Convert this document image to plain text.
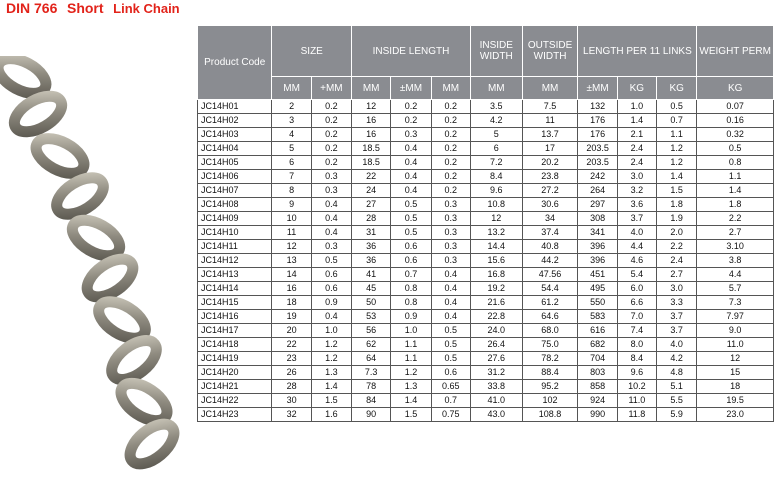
DIN 766 Short Link Chain
Product Code	SIZE		INSIDE LENGTH			INSIDE WIDTH	OUTSIDE WIDTH	LENGTH PER 11 LINKS			WEIGHT PERM
	MM	+MM	MM	±MM	MM	MM	MM	±MM	KG	KG	KG
JC14H01	2	0.2	12	0.2	0.2	3.5	7.5	132	1.0	0.5	0.07
JC14H02	3	0.2	16	0.2	0.2	4.2	11	176	1.4	0.7	0.16
JC14H03	4	0.2	16	0.3	0.2	5	13.7	176	2.1	1.1	0.32
JC14H04	5	0.2	18.5	0.4	0.2	6	17	203.5	2.4	1.2	0.5
JC14H05	6	0.2	18.5	0.4	0.2	7.2	20.2	203.5	2.4	1.2	0.8
JC14H06	7	0.3	22	0.4	0.2	8.4	23.8	242	3.0	1.4	1.1
JC14H07	8	0.3	24	0.4	0.2	9.6	27.2	264	3.2	1.5	1.4
JC14H08	9	0.4	27	0.5	0.3	10.8	30.6	297	3.6	1.8	1.8
JC14H09	10	0.4	28	0.5	0.3	12	34	308	3.7	1.9	2.2
JC14H10	11	0.4	31	0.5	0.3	13.2	37.4	341	4.0	2.0	2.7
JC14H11	12	0.3	36	0.6	0.3	14.4	40.8	396	4.4	2.2	3.10
JC14H12	13	0.5	36	0.6	0.3	15.6	44.2	396	4.6	2.4	3.8
JC14H13	14	0.6	41	0.7	0.4	16.8	47.56	451	5.4	2.7	4.4
JC14H14	16	0.6	45	0.8	0.4	19.2	54.4	495	6.0	3.0	5.7
JC14H15	18	0.9	50	0.8	0.4	21.6	61.2	550	6.6	3.3	7.3
JC14H16	19	0.4	53	0.9	0.4	22.8	64.6	583	7.0	3.7	7.97
JC14H17	20	1.0	56	1.0	0.5	24.0	68.0	616	7.4	3.7	9.0
JC14H18	22	1.2	62	1.1	0.5	26.4	75.0	682	8.0	4.0	11.0
JC14H19	23	1.2	64	1.1	0.5	27.6	78.2	704	8.4	4.2	12
JC14H20	26	1.3	7.3	1.2	0.6	31.2	88.4	803	9.6	4.8	15
JC14H21	28	1.4	78	1.3	0.65	33.8	95.2	858	10.2	5.1	18
JC14H22	30	1.5	84	1.4	0.7	41.0	102	924	11.0	5.5	19.5
JC14H23	32	1.6	90	1.5	0.75	43.0	108.8	990	11.8	5.9	23.0
